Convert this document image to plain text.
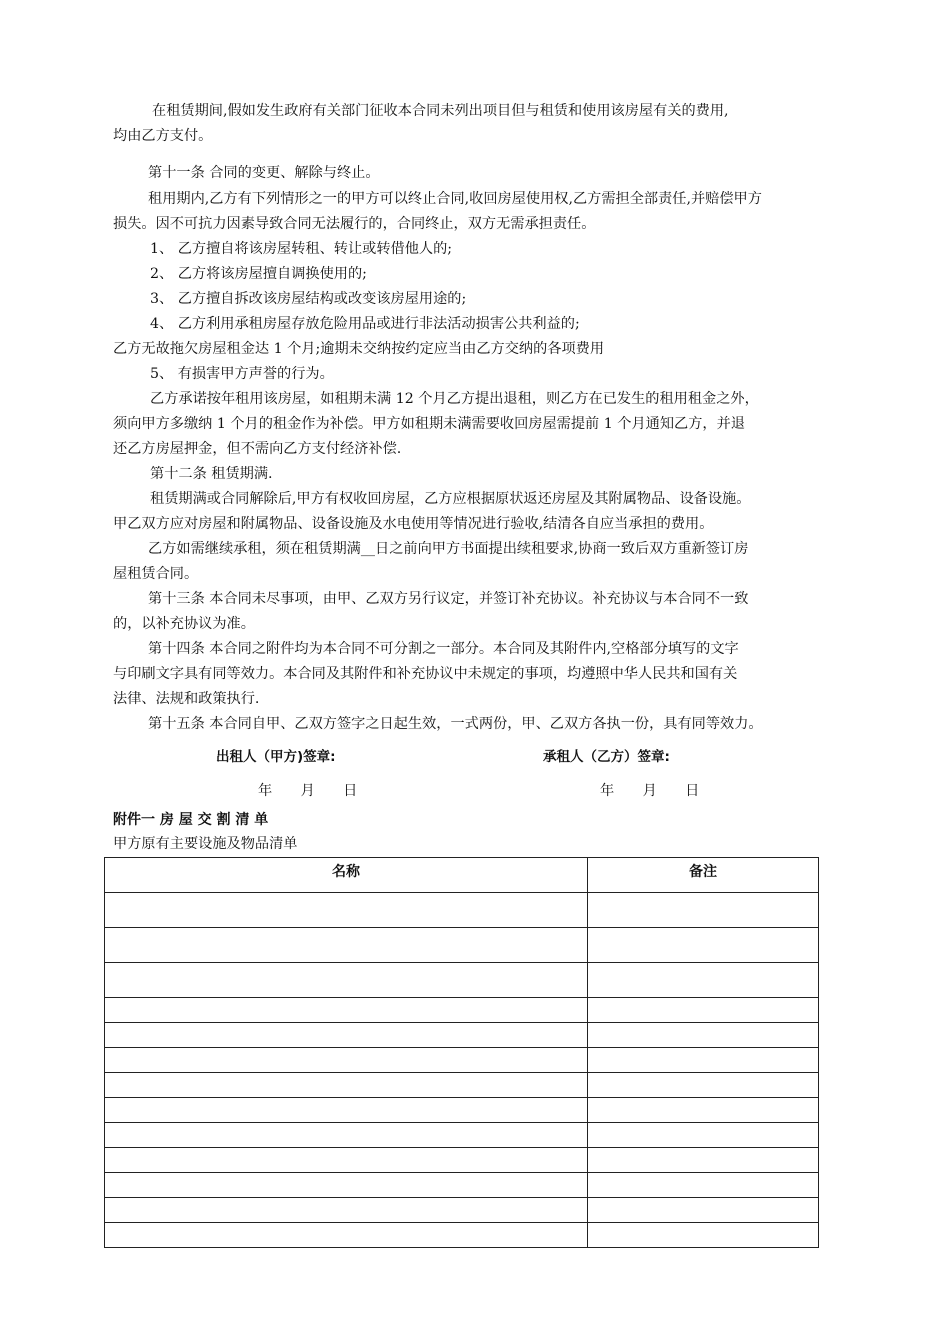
在租赁期间,假如发生政府有关部门征收本合同未列出项目但与租赁和使用该房屋有关的费用,
均由乙方支付。
第十一条 合同的变更、解除与终止。
租用期内,乙方有下列情形之一的甲方可以终止合同,收回房屋使用权,乙方需担全部责任,并赔偿甲方
损失。因不可抗力因素导致合同无法履行的，合同终止，双方无需承担责任。
1、 乙方擅自将该房屋转租、转让或转借他人的;
2、 乙方将该房屋擅自调换使用的;
3、 乙方擅自拆改该房屋结构或改变该房屋用途的;
4、 乙方利用承租房屋存放危险用品或进行非法活动损害公共利益的;
乙方无故拖欠房屋租金达 1 个月;逾期未交纳按约定应当由乙方交纳的各项费用
5、 有损害甲方声誉的行为。
乙方承诺按年租用该房屋，如租期未满 12 个月乙方提出退租，则乙方在已发生的租用租金之外，
须向甲方多缴纳 1 个月的租金作为补偿。甲方如租期未满需要收回房屋需提前 1 个月通知乙方，并退
还乙方房屋押金，但不需向乙方支付经济补偿.
第十二条 租赁期满.
租赁期满或合同解除后,甲方有权收回房屋，乙方应根据原状返还房屋及其附属物品、设备设施。
甲乙双方应对房屋和附属物品、设备设施及水电使用等情况进行验收,结清各自应当承担的费用。
乙方如需继续承租，须在租赁期满__日之前向甲方书面提出续租要求,协商一致后双方重新签订房
屋租赁合同。
第十三条 本合同未尽事项，由甲、乙双方另行议定，并签订补充协议。补充协议与本合同不一致
的，以补充协议为准。
第十四条 本合同之附件均为本合同不可分割之一部分。本合同及其附件内,空格部分填写的文字
与印刷文字具有同等效力。本合同及其附件和补充协议中未规定的事项，均遵照中华人民共和国有关
法律、法规和政策执行.
第十五条 本合同自甲、乙双方签字之日起生效，一式两份，甲、乙双方各执一份，具有同等效力。
出租人（甲方)签章:	承租人（乙方）签章:
年　　月　　日	年　　月　　日
附件一 房 屋 交 割 清 单
甲方原有主要设施及物品清单
名称	备注
